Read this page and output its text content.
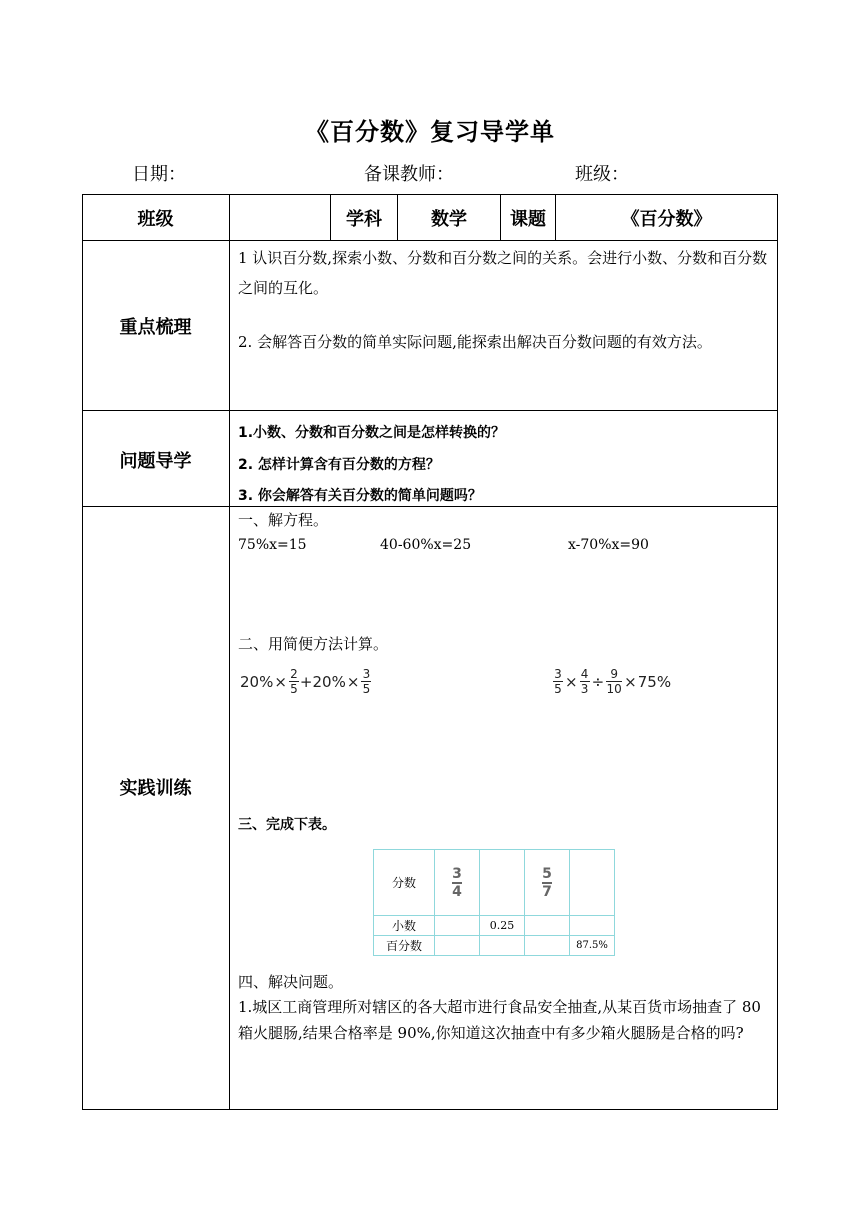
《百分数》复习导学单
日期：	备课教师：	班级：
班级	学科	数学	课题	《百分数》
重点梳理
1 认识百分数,探索小数、分数和百分数之间的关系。会进行小数、分数和百分数之间的互化。
2. 会解答百分数的简单实际问题,能探索出解决百分数问题的有效方法。
问题导学
1.小数、分数和百分数之间是怎样转换的？
2. 怎样计算含有百分数的方程？
3. 你会解答有关百分数的简单问题吗？
实践训练
一、解方程。
75%x=15	40-60%x=25	x-70%x=90
二、用简便方法计算。
$20\% \times \frac{2}{5} +20\% \times \frac{3}{5}$	$\frac{3}{5} \times \frac{4}{3} \div \frac{9}{10} \times 75\%$
三、完成下表。
四、解决问题。
1.城区工商管理所对辖区的各大超市进行食品安全抽查,从某百货市场抽查了 80 箱火腿肠,结果合格率是 90%,你知道这次抽查中有多少箱火腿肠是合格的吗?
分数	$\frac{3}{4}$		$\frac{5}{7}$

小数		0.25		
百分数				87.5%
